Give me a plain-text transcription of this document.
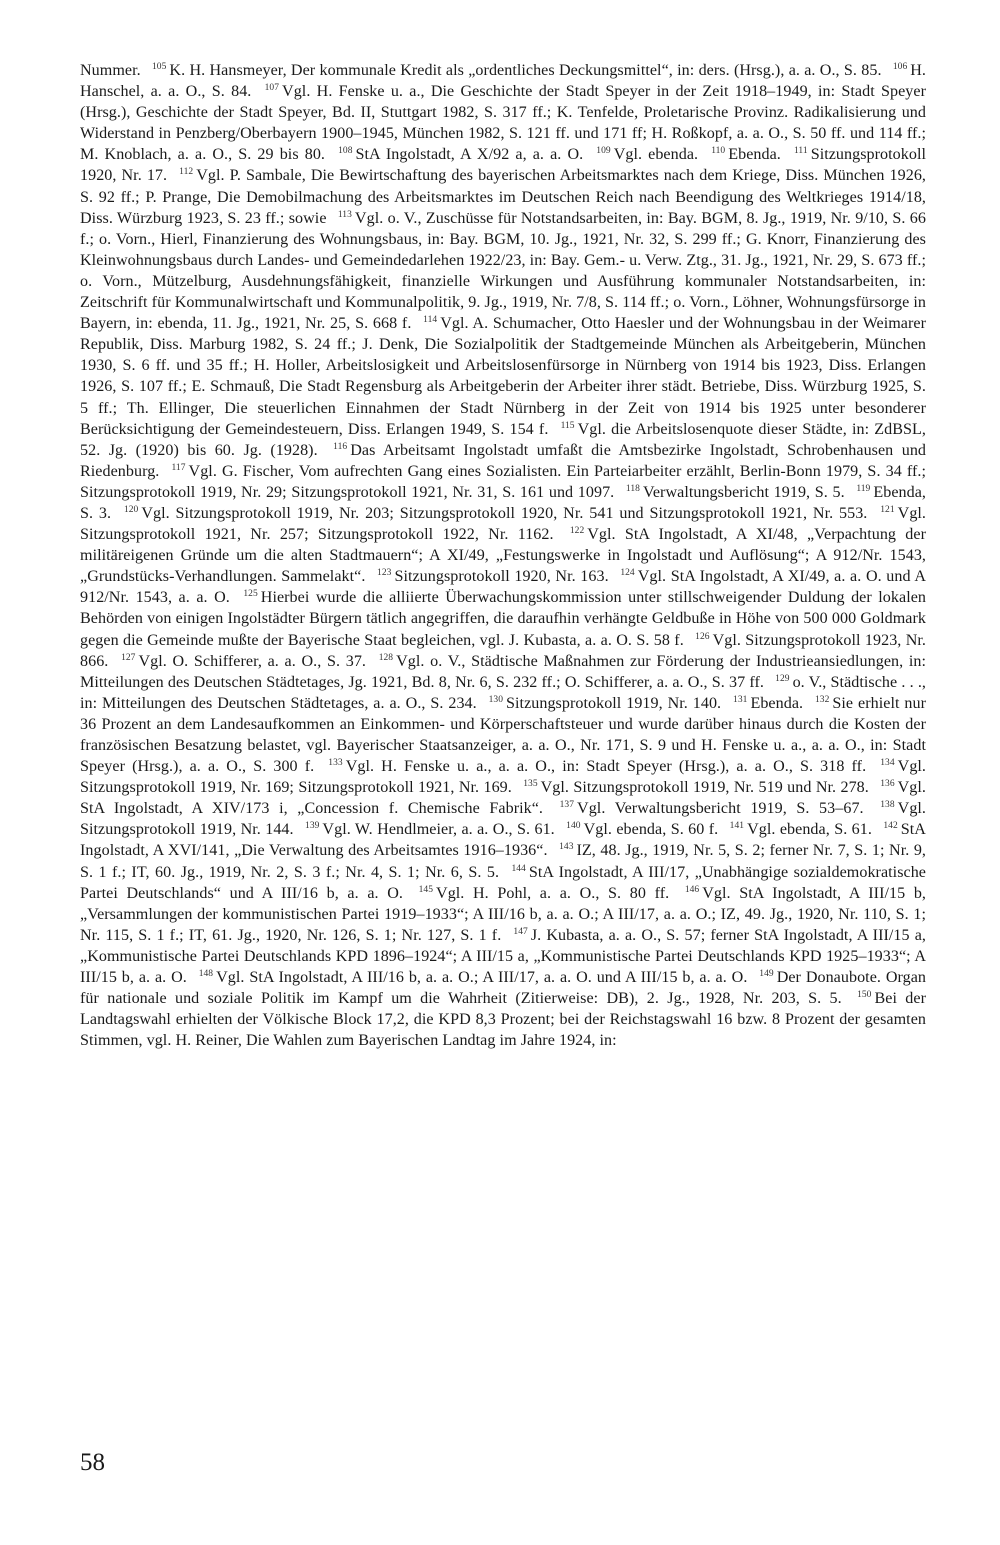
Nummer. $^{105}$ K. H. Hansmeyer, Der kommunale Kredit als „ordentliches Deckungsmittel“, in: ders. (Hrsg.), a. a. O., S. 85. $^{106}$ H. Hanschel, a. a. O., S. 84. $^{107}$ Vgl. H. Fenske u. a., Die Geschichte der Stadt Speyer in der Zeit 1918–1949, in: Stadt Speyer (Hrsg.), Geschichte der Stadt Speyer, Bd. II, Stuttgart 1982, S. 317 ff.; K. Tenfelde, Proletarische Provinz. Radikalisierung und Widerstand in Penzberg/Oberbayern 1900–1945, München 1982, S. 121 ff. und 171 ff; H. Roßkopf, a. a. O., S. 50 ff. und 114 ff.; M. Knoblach, a. a. O., S. 29 bis 80. $^{108}$ StA Ingolstadt, A X/92 a, a. a. O. $^{109}$ Vgl. ebenda. $^{110}$ Ebenda. $^{111}$ Sitzungsprotokoll 1920, Nr. 17. $^{112}$ Vgl. P. Sambale, Die Bewirtschaftung des bayerischen Arbeitsmarktes nach dem Kriege, Diss. München 1926, S. 92 ff.; P. Prange, Die Demobilmachung des Arbeitsmarktes im Deutschen Reich nach Beendigung des Weltkrieges 1914/18, Diss. Würzburg 1923, S. 23 ff.; sowie $^{113}$ Vgl. o. V., Zuschüsse für Notstandsarbeiten, in: Bay. BGM, 8. Jg., 1919, Nr. 9/10, S. 66 f.; o. Vorn., Hierl, Finanzierung des Wohnungsbaus, in: Bay. BGM, 10. Jg., 1921, Nr. 32, S. 299 ff.; G. Knorr, Finanzierung des Kleinwohnungsbaus durch Landes- und Gemeindedarlehen 1922/23, in: Bay. Gem.- u. Verw. Ztg., 31. Jg., 1921, Nr. 29, S. 673 ff.; o. Vorn., Mützelburg, Ausdehnungsfähigkeit, finanzielle Wirkungen und Ausführung kommunaler Notstandsarbeiten, in: Zeitschrift für Kommunalwirtschaft und Kommunalpolitik, 9. Jg., 1919, Nr. 7/8, S. 114 ff.; o. Vorn., Löhner, Wohnungsfürsorge in Bayern, in: ebenda, 11. Jg., 1921, Nr. 25, S. 668 f. $^{114}$ Vgl. A. Schumacher, Otto Haesler und der Wohnungsbau in der Weimarer Republik, Diss. Marburg 1982, S. 24 ff.; J. Denk, Die Sozialpolitik der Stadtgemeinde München als Arbeitgeberin, München 1930, S. 6 ff. und 35 ff.; H. Holler, Arbeitslosigkeit und Arbeitslosenfürsorge in Nürnberg von 1914 bis 1923, Diss. Erlangen 1926, S. 107 ff.; E. Schmauß, Die Stadt Regensburg als Arbeitgeberin der Arbeiter ihrer städt. Betriebe, Diss. Würzburg 1925, S. 5 ff.; Th. Ellinger, Die steuerlichen Einnahmen der Stadt Nürnberg in der Zeit von 1914 bis 1925 unter besonderer Berücksichtigung der Gemeindesteuern, Diss. Erlangen 1949, S. 154 f. $^{115}$ Vgl. die Arbeitslosenquote dieser Städte, in: ZdBSL, 52. Jg. (1920) bis 60. Jg. (1928). $^{116}$ Das Arbeitsamt Ingolstadt umfaßt die Amtsbezirke Ingolstadt, Schrobenhausen und Riedenburg. $^{117}$ Vgl. G. Fischer, Vom aufrechten Gang eines Sozialisten. Ein Parteiarbeiter erzählt, Berlin-Bonn 1979, S. 34 ff.; Sitzungsprotokoll 1919, Nr. 29; Sitzungsprotokoll 1921, Nr. 31, S. 161 und 1097. $^{118}$ Verwaltungsbericht 1919, S. 5. $^{119}$ Ebenda, S. 3. $^{120}$ Vgl. Sitzungsprotokoll 1919, Nr. 203; Sitzungsprotokoll 1920, Nr. 541 und Sitzungsprotokoll 1921, Nr. 553. $^{121}$ Vgl. Sitzungsprotokoll 1921, Nr. 257; Sitzungsprotokoll 1922, Nr. 1162. $^{122}$ Vgl. StA Ingolstadt, A XI/48, „Verpachtung der militäreigenen Gründe um die alten Stadtmauern“; A XI/49, „Festungswerke in Ingolstadt und Auflösung“; A 912/Nr. 1543, „Grundstücks-Verhandlungen. Sammelakt“. $^{123}$ Sitzungsprotokoll 1920, Nr. 163. $^{124}$ Vgl. StA Ingolstadt, A XI/49, a. a. O. und A 912/Nr. 1543, a. a. O. $^{125}$ Hierbei wurde die alliierte Überwachungskommission unter stillschweigender Duldung der lokalen Behörden von einigen Ingolstädter Bürgern tätlich angegriffen, die daraufhin verhängte Geldbuße in Höhe von 500 000 Goldmark gegen die Gemeinde mußte der Bayerische Staat begleichen, vgl. J. Kubasta, a. a. O. S. 58 f. $^{126}$ Vgl. Sitzungsprotokoll 1923, Nr. 866. $^{127}$ Vgl. O. Schifferer, a. a. O., S. 37. $^{128}$ Vgl. o. V., Städtische Maßnahmen zur Förderung der Industrieansiedlungen, in: Mitteilungen des Deutschen Städtetages, Jg. 1921, Bd. 8, Nr. 6, S. 232 ff.; O. Schifferer, a. a. O., S. 37 ff. $^{129}$ o. V., Städtische . . ., in: Mitteilungen des Deutschen Städtetages, a. a. O., S. 234. $^{130}$ Sitzungsprotokoll 1919, Nr. 140. $^{131}$ Ebenda. $^{132}$ Sie erhielt nur 36 Prozent an dem Landesaufkommen an Einkommen- und Körperschaftsteuer und wurde darüber hinaus durch die Kosten der französischen Besatzung belastet, vgl. Bayerischer Staatsanzeiger, a. a. O., Nr. 171, S. 9 und H. Fenske u. a., a. a. O., in: Stadt Speyer (Hrsg.), a. a. O., S. 300 f. $^{133}$ Vgl. H. Fenske u. a., a. a. O., in: Stadt Speyer (Hrsg.), a. a. O., S. 318 ff. $^{134}$ Vgl. Sitzungsprotokoll 1919, Nr. 169; Sitzungsprotokoll 1921, Nr. 169. $^{135}$ Vgl. Sitzungsprotokoll 1919, Nr. 519 und Nr. 278. $^{136}$ Vgl. StA Ingolstadt, A XIV/173 i, „Concession f. Chemische Fabrik“. $^{137}$ Vgl. Verwaltungsbericht 1919, S. 53–67. $^{138}$ Vgl. Sitzungsprotokoll 1919, Nr. 144. $^{139}$ Vgl. W. Hendlmeier, a. a. O., S. 61. $^{140}$ Vgl. ebenda, S. 60 f. $^{141}$ Vgl. ebenda, S. 61. $^{142}$ StA Ingolstadt, A XVI/141, „Die Verwaltung des Arbeitsamtes 1916–1936“. $^{143}$ IZ, 48. Jg., 1919, Nr. 5, S. 2; ferner Nr. 7, S. 1; Nr. 9, S. 1 f.; IT, 60. Jg., 1919, Nr. 2, S. 3 f.; Nr. 4, S. 1; Nr. 6, S. 5. $^{144}$ StA Ingolstadt, A III/17, „Unabhängige sozialdemokratische Partei Deutschlands“ und A III/16 b, a. a. O. $^{145}$ Vgl. H. Pohl, a. a. O., S. 80 ff. $^{146}$ Vgl. StA Ingolstadt, A III/15 b, „Versammlungen der kommunistischen Partei 1919–1933“; A III/16 b, a. a. O.; A III/17, a. a. O.; IZ, 49. Jg., 1920, Nr. 110, S. 1; Nr. 115, S. 1 f.; IT, 61. Jg., 1920, Nr. 126, S. 1; Nr. 127, S. 1 f. $^{147}$ J. Kubasta, a. a. O., S. 57; ferner StA Ingolstadt, A III/15 a, „Kommunistische Partei Deutschlands KPD 1896–1924“; A III/15 a, „Kommunistische Partei Deutschlands KPD 1925–1933“; A III/15 b, a. a. O. $^{148}$ Vgl. StA Ingolstadt, A III/16 b, a. a. O.; A III/17, a. a. O. und A III/15 b, a. a. O. $^{149}$ Der Donaubote. Organ für nationale und soziale Politik im Kampf um die Wahrheit (Zitierweise: DB), 2. Jg., 1928, Nr. 203, S. 5. $^{150}$ Bei der Landtagswahl erhielten der Völkische Block 17,2, die KPD 8,3 Prozent; bei der Reichstagswahl 16 bzw. 8 Prozent der gesamten Stimmen, vgl. H. Reiner, Die Wahlen zum Bayerischen Landtag im Jahre 1924, in:
58
